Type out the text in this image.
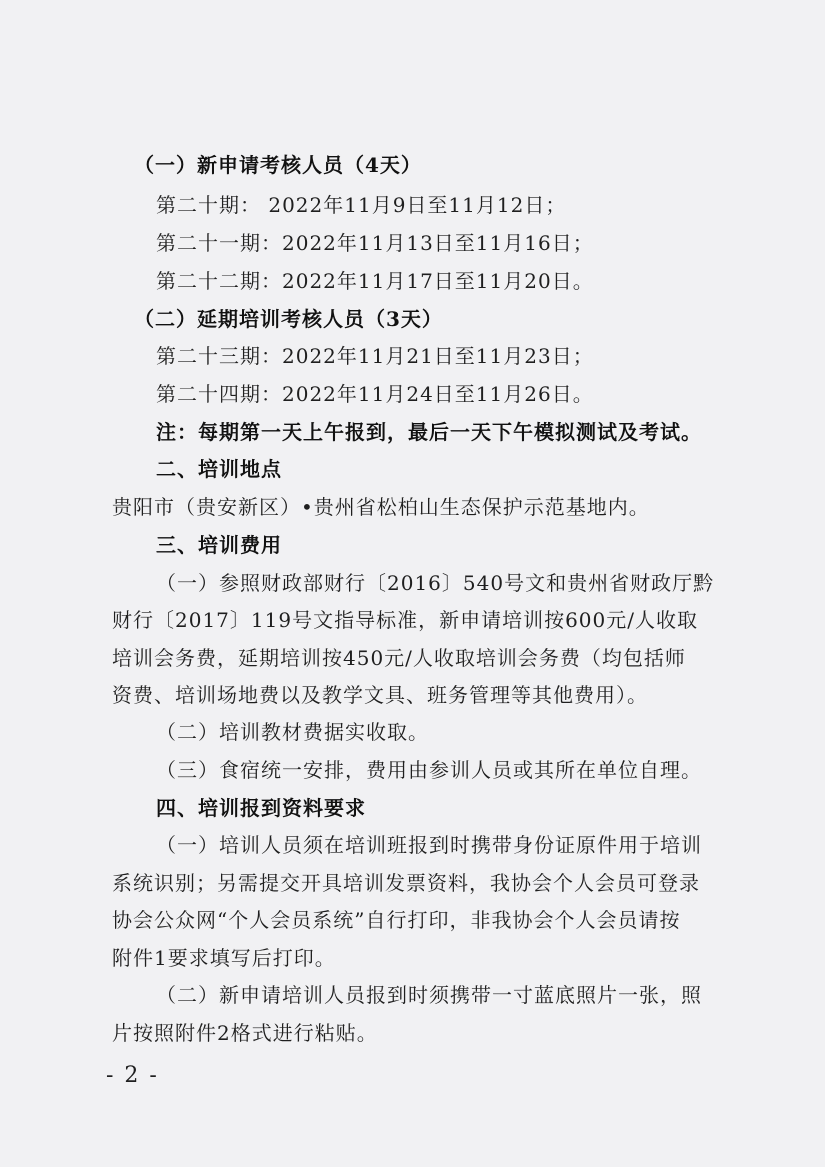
（一）新申请考核人员（4天）
第二十期： 2022年11月9日至11月12日；
第二十一期：2022年11月13日至11月16日；
第二十二期：2022年11月17日至11月20日。
（二）延期培训考核人员（3天）
第二十三期：2022年11月21日至11月23日；
第二十四期：2022年11月24日至11月26日。
注：每期第一天上午报到，最后一天下午模拟测试及考试。
二、培训地点
贵阳市（贵安新区）•贵州省松柏山生态保护示范基地内。
三、培训费用
（一）参照财政部财行〔2016〕540号文和贵州省财政厅黔
财行〔2017〕119号文指导标准，新申请培训按600元/人收取
培训会务费，延期培训按450元/人收取培训会务费（均包括师
资费、培训场地费以及教学文具、班务管理等其他费用）。
（二）培训教材费据实收取。
（三）食宿统一安排，费用由参训人员或其所在单位自理。
四、培训报到资料要求
（一）培训人员须在培训班报到时携带身份证原件用于培训
系统识别；另需提交开具培训发票资料，我协会个人会员可登录
协会公众网“个人会员系统”自行打印，非我协会个人会员请按
附件1要求填写后打印。
（二）新申请培训人员报到时须携带一寸蓝底照片一张，照
片按照附件2格式进行粘贴。
- 2 -
